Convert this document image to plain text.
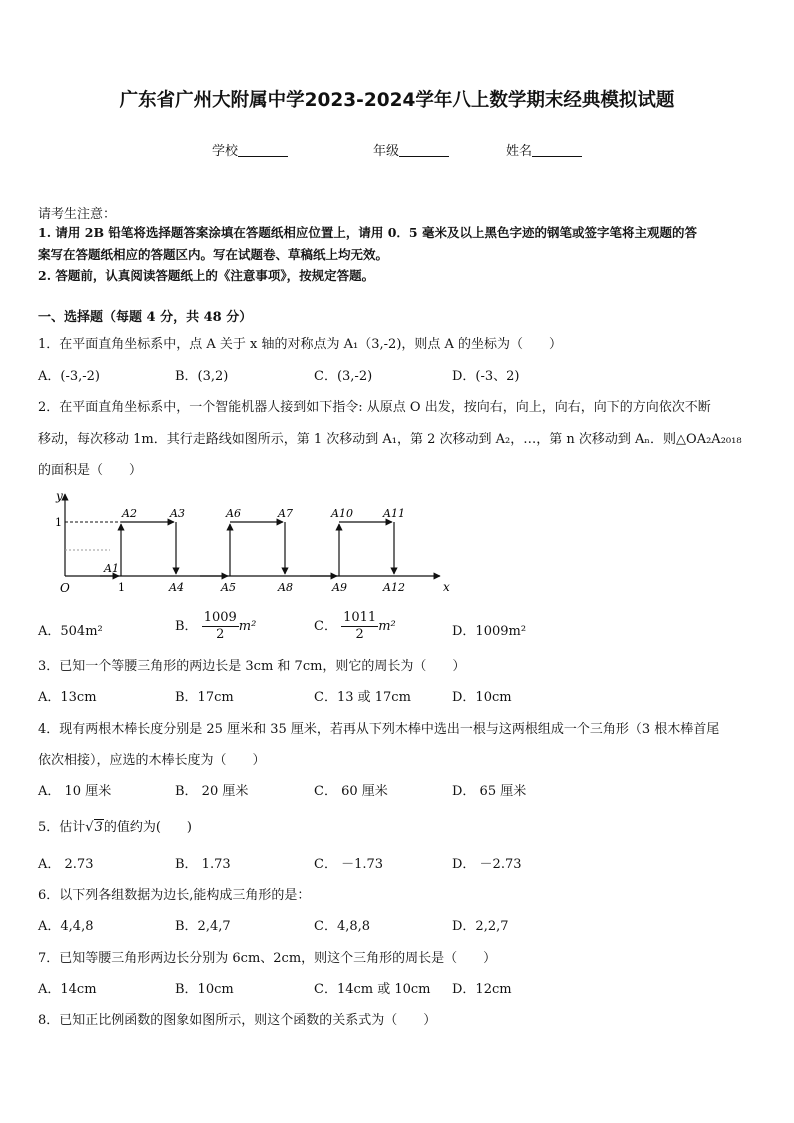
广东省广州大附属中学2023-2024学年八上数学期末经典模拟试题
学校	年级	姓名
请考生注意：
1. 请用 2B 铅笔将选择题答案涂填在答题纸相应位置上，请用 0．5 毫米及以上黑色字迹的钢笔或签字笔将主观题的答
案写在答题纸相应的答题区内。写在试题卷、草稿纸上均无效。
2. 答题前，认真阅读答题纸上的《注意事项》，按规定答题。
一、选择题（每题 4 分，共 48 分）
1．在平面直角坐标系中，点 A 关于 x 轴的对称点为 A₁（3,-2)，则点 A 的坐标为（　　）
A．(-3,-2)	B．(3,2)	C．(3,-2)	D．(-3、2)
2．在平面直角坐标系中，一个智能机器人接到如下指令: 从原点 O 出发，按向右，向上，向右，向下的方向依次不断
移动，每次移动 1m．其行走路线如图所示，第 1 次移动到 A₁，第 2 次移动到 A₂，…，第 n 次移动到 Aₙ．则△OA₂A₂₀₁₈
的面积是（　　）
x
y
O
1
1
A1
A2	A3
A4	A5
A6	A7
A8	A9
A10	A11
A12
A．504m²	B． $\frac{1009}{2} m^2$	C． $\frac{1011}{2} m^2$	D．1009m²
3．已知一个等腰三角形的两边长是 3cm 和 7cm，则它的周长为（　　）
A．13cm	B．17cm	C．13 或 17cm	D．10cm
4．现有两根木棒长度分别是 25 厘米和 35 厘米，若再从下列木棒中选出一根与这两根组成一个三角形（3 根木棒首尾
依次相接），应选的木棒长度为（　　）
A． 10 厘米	B． 20 厘米	C． 60 厘米	D． 65 厘米
5．估计√3的值约为(　　)
A． 2.73	B． 1.73	C． －1.73	D． －2.73
6．以下列各组数据为边长,能构成三角形的是：
A．4,4,8	B．2,4,7	C．4,8,8	D．2,2,7
7．已知等腰三角形两边长分别为 6cm、2cm，则这个三角形的周长是（　　）
A．14cm	B．10cm	C．14cm 或 10cm D．12cm
8．已知正比例函数的图象如图所示，则这个函数的关系式为（　　）
